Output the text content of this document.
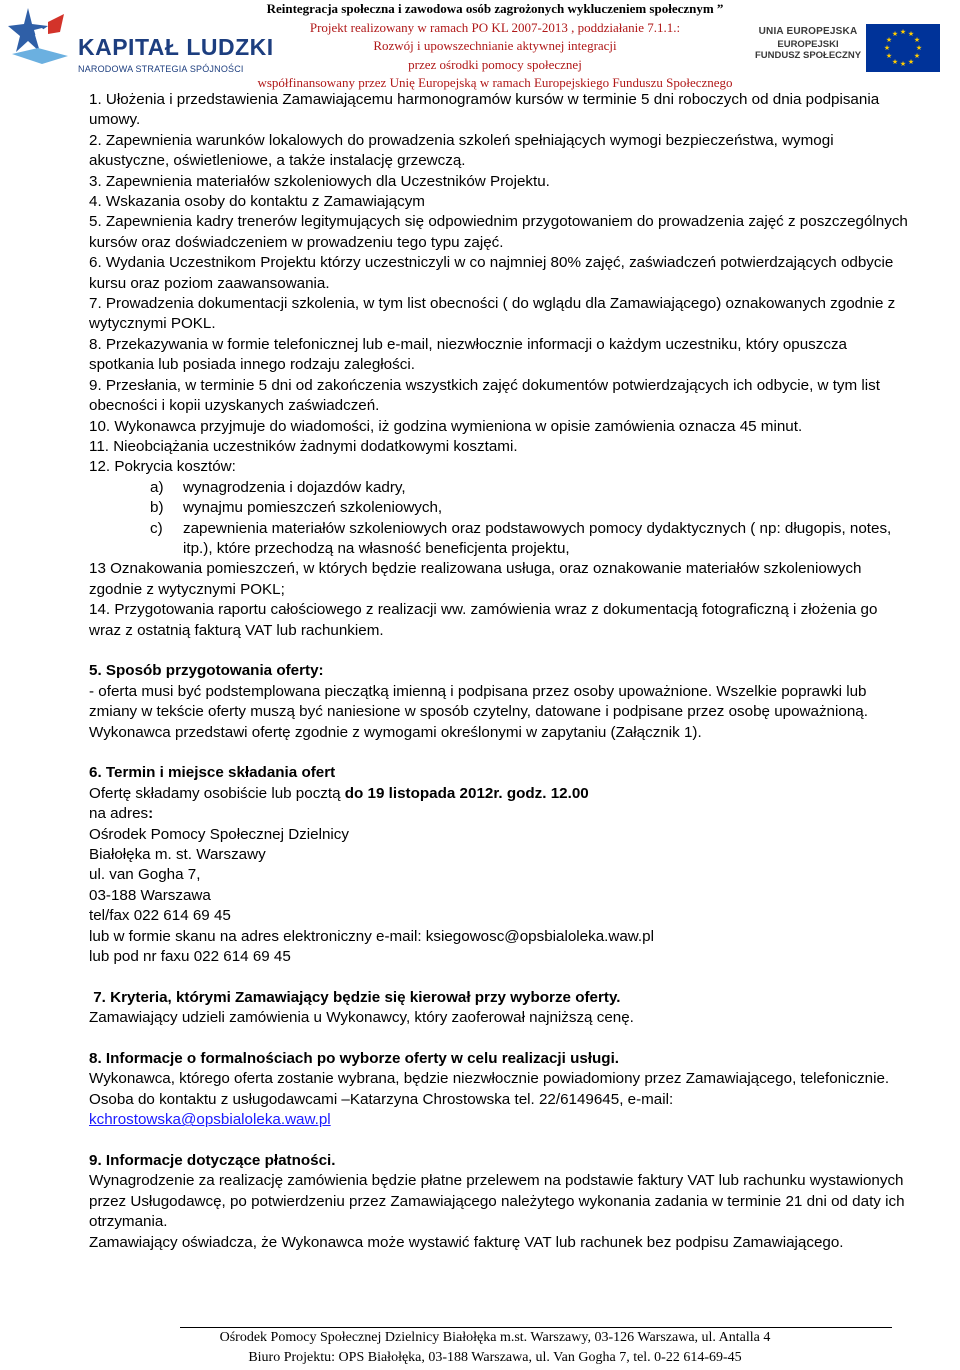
KAPITAŁ LUDZKI
NARODOWA STRATEGIA SPÓJNOŚCI
Reintegracja społeczna i zawodowa osób zagrożonych wykluczeniem społecznym ”
Projekt realizowany w ramach PO KL 2007-2013 , poddziałanie 7.1.1.:
Rozwój i upowszechnianie aktywnej integracji
przez ośrodki pomocy społecznej
współfinansowany przez Unię Europejską w ramach Europejskiego Funduszu Społecznego
UNIA EUROPEJSKA
EUROPEJSKI
FUNDUSZ SPOŁECZNY
★ ★
★
★
★
★
★
★
★
★
★
★

1. Ułożenia i przedstawienia Zamawiającemu harmonogramów kursów w terminie 5 dni roboczych od dnia podpisania umowy.

2. Zapewnienia warunków lokalowych do prowadzenia szkoleń spełniających wymogi bezpieczeństwa, wymogi akustyczne, oświetleniowe, a także instalację grzewczą.

3. Zapewnienia materiałów szkoleniowych dla Uczestników Projektu.

4. Wskazania osoby do kontaktu z Zamawiającym

5. Zapewnienia kadry trenerów legitymujących się odpowiednim przygotowaniem do prowadzenia zajęć z poszczególnych kursów oraz doświadczeniem w prowadzeniu tego typu zajęć.

6. Wydania Uczestnikom Projektu którzy uczestniczyli w co najmniej 80% zajęć, zaświadczeń potwierdzających odbycie kursu oraz poziom zaawansowania.

7. Prowadzenia dokumentacji szkolenia, w tym list obecności ( do wglądu dla Zamawiającego) oznakowanych zgodnie z wytycznymi POKL.

8. Przekazywania w formie telefonicznej lub e-mail, niezwłocznie informacji o każdym uczestniku, który opuszcza spotkania lub posiada innego rodzaju zaległości.

9. Przesłania, w terminie 5 dni od zakończenia wszystkich zajęć dokumentów potwierdzających ich odbycie, w tym list obecności i kopii uzyskanych zaświadczeń.

10. Wykonawca przyjmuje do wiadomości, iż godzina wymieniona w opisie zamówienia oznacza 45 minut.

11. Nieobciążania uczestników żadnymi dodatkowymi kosztami.

12. Pokrycia kosztów:

a) wynagrodzenia i dojazdów kadry,
b) wynajmu pomieszczeń szkoleniowych,
c) zapewnienia materiałów szkoleniowych oraz podstawowych pomocy dydaktycznych ( np: długopis, notes, itp.), które przechodzą na własność beneficjenta projektu,

13 Oznakowania pomieszczeń, w których będzie realizowana usługa, oraz oznakowanie materiałów szkoleniowych zgodnie z wytycznymi POKL;

14. Przygotowania raportu całościowego z realizacji ww. zamówienia wraz z dokumentacją fotograficzną i złożenia go wraz z ostatnią fakturą VAT lub rachunkiem.

5. Sposób przygotowania oferty:

- oferta musi być podstemplowana pieczątką imienną i podpisana przez osoby upoważnione. Wszelkie poprawki lub zmiany w tekście oferty muszą być naniesione w sposób czytelny, datowane i podpisane przez osobę upoważnioną. Wykonawca przedstawi ofertę zgodnie z wymogami określonymi w zapytaniu (Załącznik 1).

6. Termin i miejsce składania ofert

Ofertę składamy osobiście lub pocztą do 19 listopada 2012r. godz. 12.00

na adres:

Ośrodek Pomocy Społecznej Dzielnicy

Białołęka m. st. Warszawy

ul. van Gogha 7,

03-188 Warszawa

tel/fax 022 614 69 45

lub w formie skanu na adres elektroniczny e-mail: ksiegowosc@opsbialoleka.waw.pl

lub pod nr faxu 022 614 69 45

7. Kryteria, którymi Zamawiający będzie się kierował przy wyborze oferty.

Zamawiający udzieli zamówienia u Wykonawcy, który zaoferował najniższą cenę.

8. Informacje o formalnościach po wyborze oferty w celu realizacji usługi.

Wykonawca, którego oferta zostanie wybrana, będzie niezwłocznie powiadomiony przez Zamawiającego, telefonicznie. Osoba do kontaktu z usługodawcami –Katarzyna Chrostowska tel. 22/6149645, e-mail: kchrostowska@opsbialoleka.waw.pl

9. Informacje dotyczące płatności.

Wynagrodzenie za realizację zamówienia będzie płatne przelewem na podstawie faktury VAT lub rachunku wystawionych przez Usługodawcę, po potwierdzeniu przez Zamawiającego należytego wykonania zadania w terminie 21 dni od daty ich otrzymania.

Zamawiający oświadcza, że Wykonawca może wystawić fakturę VAT lub rachunek bez podpisu Zamawiającego.

Ośrodek Pomocy Społecznej Dzielnicy Białołęka m.st. Warszawy, 03-126 Warszawa, ul. Antalla 4
Biuro Projektu: OPS Białołęka, 03-188 Warszawa, ul. Van Gogha 7, tel. 0-22 614-69-45
